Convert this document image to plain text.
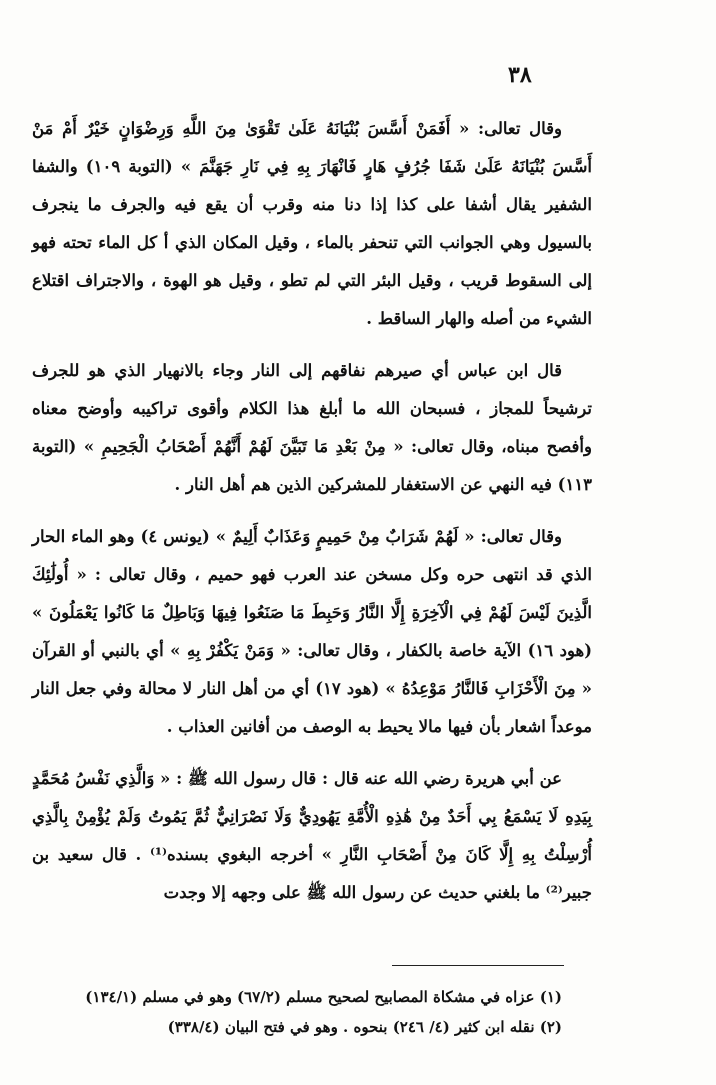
٣٨

وقال تعالى: « أَفَمَنْ أَسَّسَ بُنْيَانَهُ عَلَىٰ تَقْوَىٰ مِنَ اللَّهِ وَرِضْوَانٍ خَيْرٌ أَمْ مَنْ أَسَّسَ بُنْيَانَهُ عَلَىٰ شَفَا جُرُفٍ هَارٍ فَانْهَارَ بِهِ فِي نَارِ جَهَنَّمَ » (التوبة ١٠٩) والشفا الشفير يقال أشفا على كذا إذا دنا منه وقرب أن يقع فيه والجرف ما ينجرف بالسيول وهي الجوانب التي تنحفر بالماء ، وقيل المكان الذي أ كل الماء تحته فهو إلى السقوط قريب ، وقيل البئر التي لم تطو ، وقيل هو الهوة ، والاجتراف اقتلاع الشيء من أصله والهار الساقط .

قال ابن عباس أي صيرهم نفاقهم إلى النار وجاء بالانهيار الذي هو للجرف ترشيحاً للمجاز ، فسبحان الله ما أبلغ هذا الكلام وأقوى تراكيبه وأوضح معناه وأفصح مبناه، وقال تعالى: « مِنْ بَعْدِ مَا تَبَيَّنَ لَهُمْ أَنَّهُمْ أَصْحَابُ الْجَحِيمِ » (التوبة ١١٣) فيه النهي عن الاستغفار للمشركين الذين هم أهل النار .

وقال تعالى: « لَهُمْ شَرَابٌ مِنْ حَمِيمٍ وَعَذَابٌ أَلِيمٌ » (يونس ٤) وهو الماء الحار الذي قد انتهى حره وكل مسخن عند العرب فهو حميم ، وقال تعالى : « أُولَٰئِكَ الَّذِينَ لَيْسَ لَهُمْ فِي الْآخِرَةِ إِلَّا النَّارُ وَحَبِطَ مَا صَنَعُوا فِيهَا وَبَاطِلٌ مَا كَانُوا يَعْمَلُونَ » (هود ١٦) الآية خاصة بالكفار ، وقال تعالى: « وَمَنْ يَكْفُرْ بِهِ » أي بالنبي أو القرآن « مِنَ الْأَحْزَابِ فَالنَّارُ مَوْعِدُهُ » (هود ١٧) أي من أهل النار لا محالة وفي جعل النار موعداً اشعار بأن فيها مالا يحيط به الوصف من أفانين العذاب .

عن أبي هريرة رضي الله عنه قال : قال رسول الله ﷺ : « وَالَّذِي نَفْسُ مُحَمَّدٍ بِيَدِهِ لَا يَسْمَعُ بِي أَحَدٌ مِنْ هَٰذِهِ الْأُمَّةِ يَهُودِيٌّ وَلَا نَصْرَانِيٌّ ثُمَّ يَمُوتُ وَلَمْ يُؤْمِنْ بِالَّذِي أُرْسِلْتُ بِهِ إِلَّا كَانَ مِنْ أَصْحَابِ النَّارِ » أخرجه البغوي بسنده⁽¹⁾ . قال سعيد بن جبير⁽²⁾ ما بلغني حديث عن رسول الله ﷺ على وجهه إلا وجدت

(١) عزاه في مشكاة المصابيح لصحيح مسلم (٦٧/٢) وهو في مسلم (١٣٤/١)

(٢) نقله ابن كثير (٤/ ٢٤٦) بنحوه . وهو في فتح البيان (٣٣٨/٤)
